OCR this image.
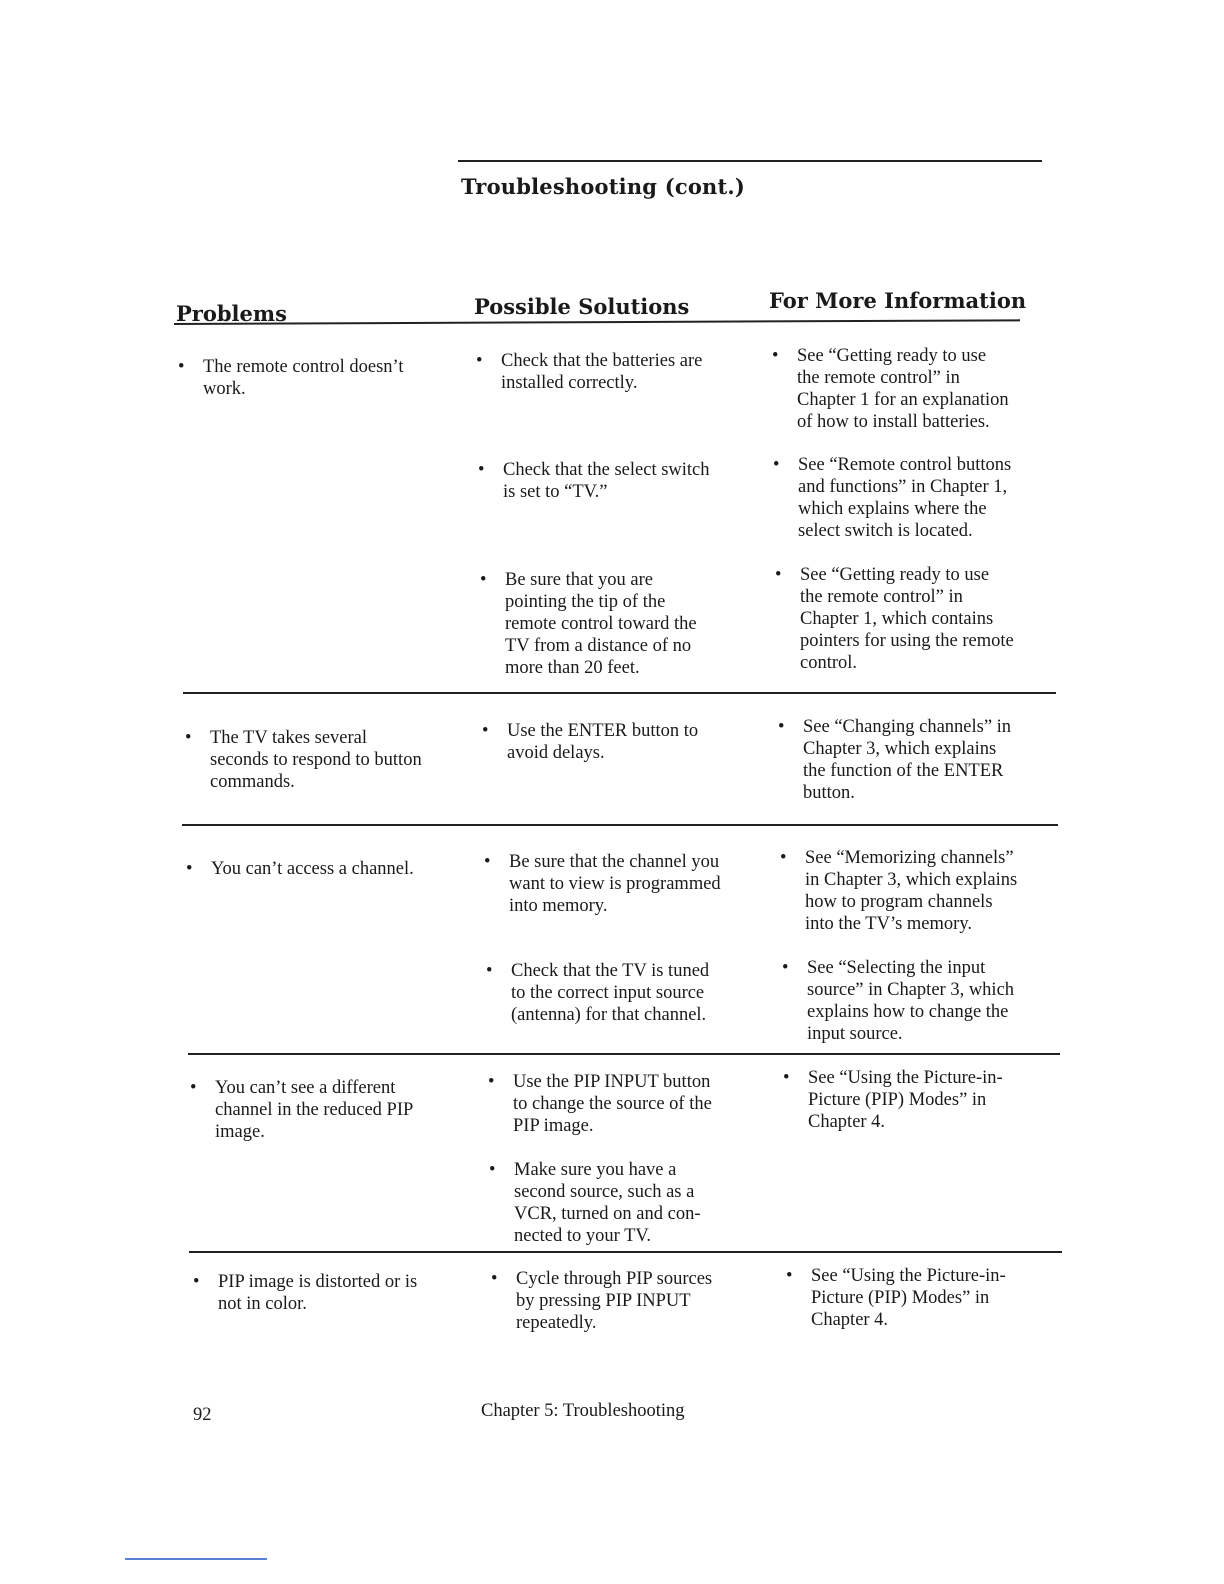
Troubleshooting (cont.)
Problems	Possible Solutions	For More Information

• The remote control doesn’t
work.

• Check that the batteries are
installed correctly.

• Check that the select switch
is set to “TV.”

• Be sure that you are
pointing the tip of the
remote control toward the
TV from a distance of no
more than 20 feet.

• See “Getting ready to use
the remote control” in
Chapter 1 for an explanation
of how to install batteries.

• See “Remote control buttons
and functions” in Chapter 1,
which explains where the
select switch is located.

• See “Getting ready to use
the remote control” in
Chapter 1, which contains
pointers for using the remote
control.

• The TV takes several
seconds to respond to button
commands.

• Use the ENTER button to
avoid delays.

• See “Changing channels” in
Chapter 3, which explains
the function of the ENTER
button.

• You can’t access a channel.

•	Be sure that the channel you
want to view is programmed
into memory.

• Check that the TV is tuned
to the correct input source
(antenna) for that channel.

• See “Memorizing channels”
in Chapter 3, which explains
how to program channels
into the TV’s memory.

• See “Selecting the input
source” in Chapter 3, which
explains how to change the
input source.

• You can’t see a different
channel in the reduced PIP
image.

• Use the PIP INPUT button
to change the source of the
PIP image.

• Make sure you have a
second source, such as a
VCR, turned on and con-
nected to your TV.

• See “Using the Picture-in-
Picture (PIP) Modes” in
Chapter 4.

• PIP image is distorted or is
not in color.

• Cycle through PIP sources
by pressing PIP INPUT
repeatedly.

• See “Using the Picture-in-
Picture (PIP) Modes” in
Chapter 4.

92	Chapter 5: Troubleshooting
